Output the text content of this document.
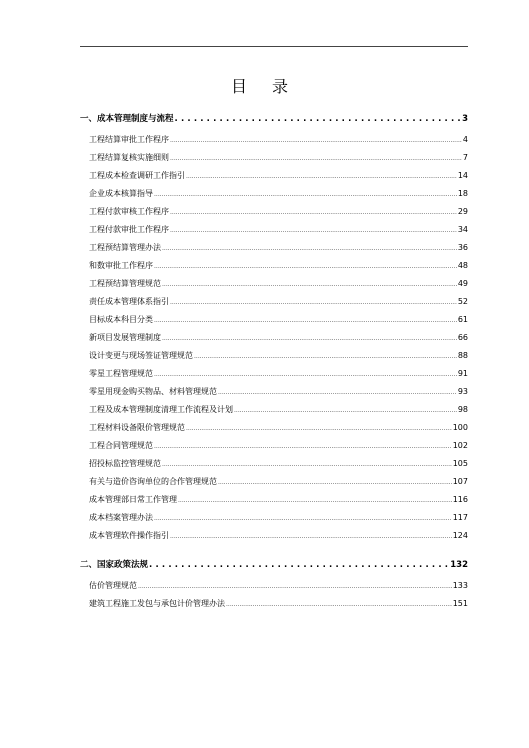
目 录
一、 成本管理制度与流程 .....	3
工程结算审批工作程序 .....	4
工程结算复核实施细则 .....	7
工程成本检查调研工作指引 .....	14
企业成本核算指导 .....	18
工程付款审核工作程序 .....	29
工程付款审批工作程序 .....	34
工程预结算管理办法 .....	36
和数审批工作程序 .....	48
工程预结算管理规范 .....	49
责任成本管理体系指引 .....	52
目标成本科目分类 .....	61
新项目发展管理制度 .....	66
设计变更与现场签证管理规范 .....	88
零星工程管理规范 .....	91
零星用现金购买物品、材料管理规范 .....	93
工程及成本管理制度清理工作流程及计划 .....	98
工程材料设备限价管理规范 .....	100
工程合同管理规范 .....	102
招投标监控管理规范 .....	105
有关与造价咨询单位的合作管理规范 .....	107
成本管理部日常工作管理 .....	116
成本档案管理办法 .....	117
成本管理软件操作指引 .....	124
二、 国家政策法规 .....	132
估价管理规范 .....	133
建筑工程施工发包与承包计价管理办法 .....	151
